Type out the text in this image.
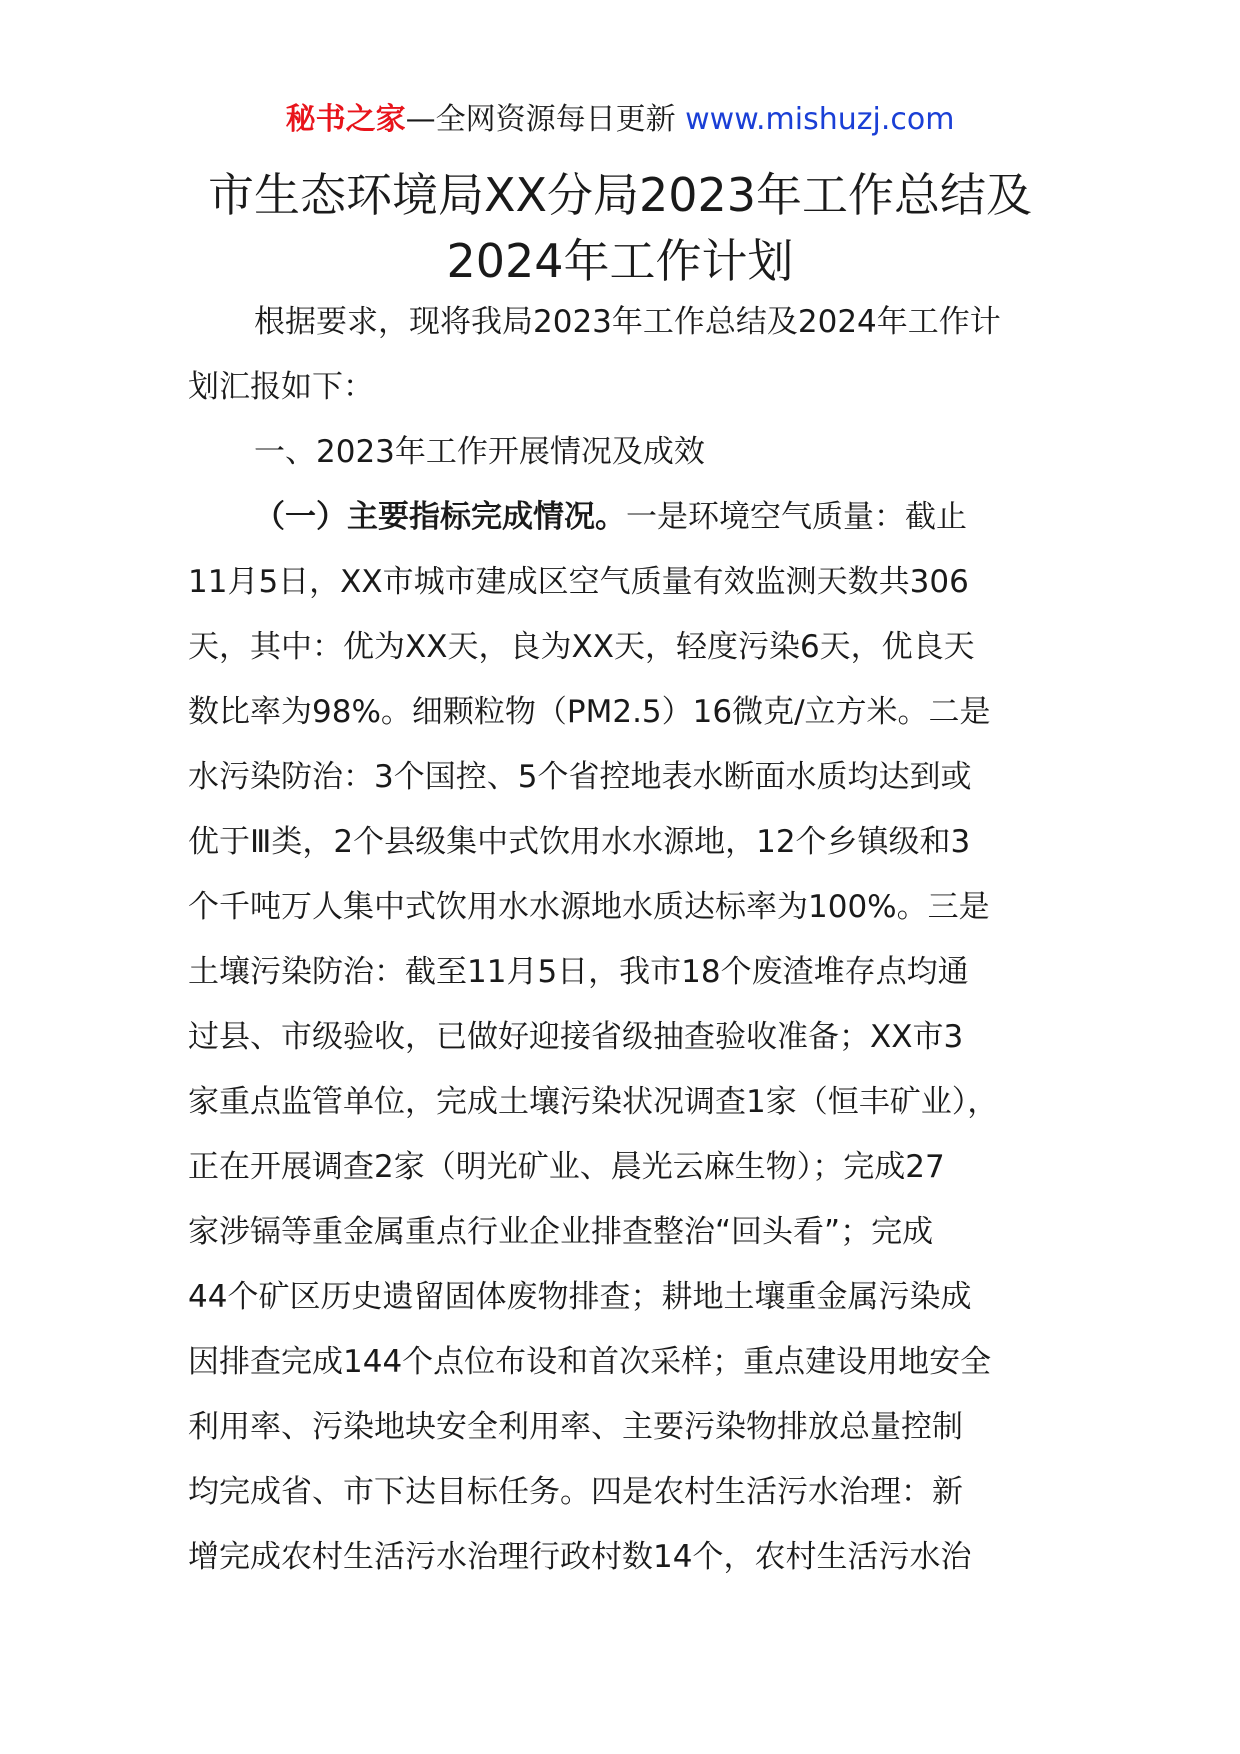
秘书之家—全网资源每日更新 www.mishuzj.com
市生态环境局XX分局2023年工作总结及
2024年工作计划
根据要求，现将我局2023年工作总结及2024年工作计
划汇报如下：
一、2023年工作开展情况及成效
（一）主要指标完成情况。一是环境空气质量：截止
11月5日，XX市城市建成区空气质量有效监测天数共306
天，其中：优为XX天，良为XX天，轻度污染6天，优良天
数比率为98%。细颗粒物（PM2.5）16微克/立方米。二是
水污染防治：3个国控、5个省控地表水断面水质均达到或
优于Ⅲ类，2个县级集中式饮用水水源地，12个乡镇级和3
个千吨万人集中式饮用水水源地水质达标率为100%。三是
土壤污染防治：截至11月5日，我市18个废渣堆存点均通
过县、市级验收，已做好迎接省级抽查验收准备；XX市3
家重点监管单位，完成土壤污染状况调查1家（恒丰矿业），
正在开展调查2家（明光矿业、晨光云麻生物）；完成27
家涉镉等重金属重点行业企业排查整治“回头看”；完成
44个矿区历史遗留固体废物排查；耕地土壤重金属污染成
因排查完成144个点位布设和首次采样；重点建设用地安全
利用率、污染地块安全利用率、主要污染物排放总量控制
均完成省、市下达目标任务。四是农村生活污水治理：新
增完成农村生活污水治理行政村数14个，农村生活污水治
